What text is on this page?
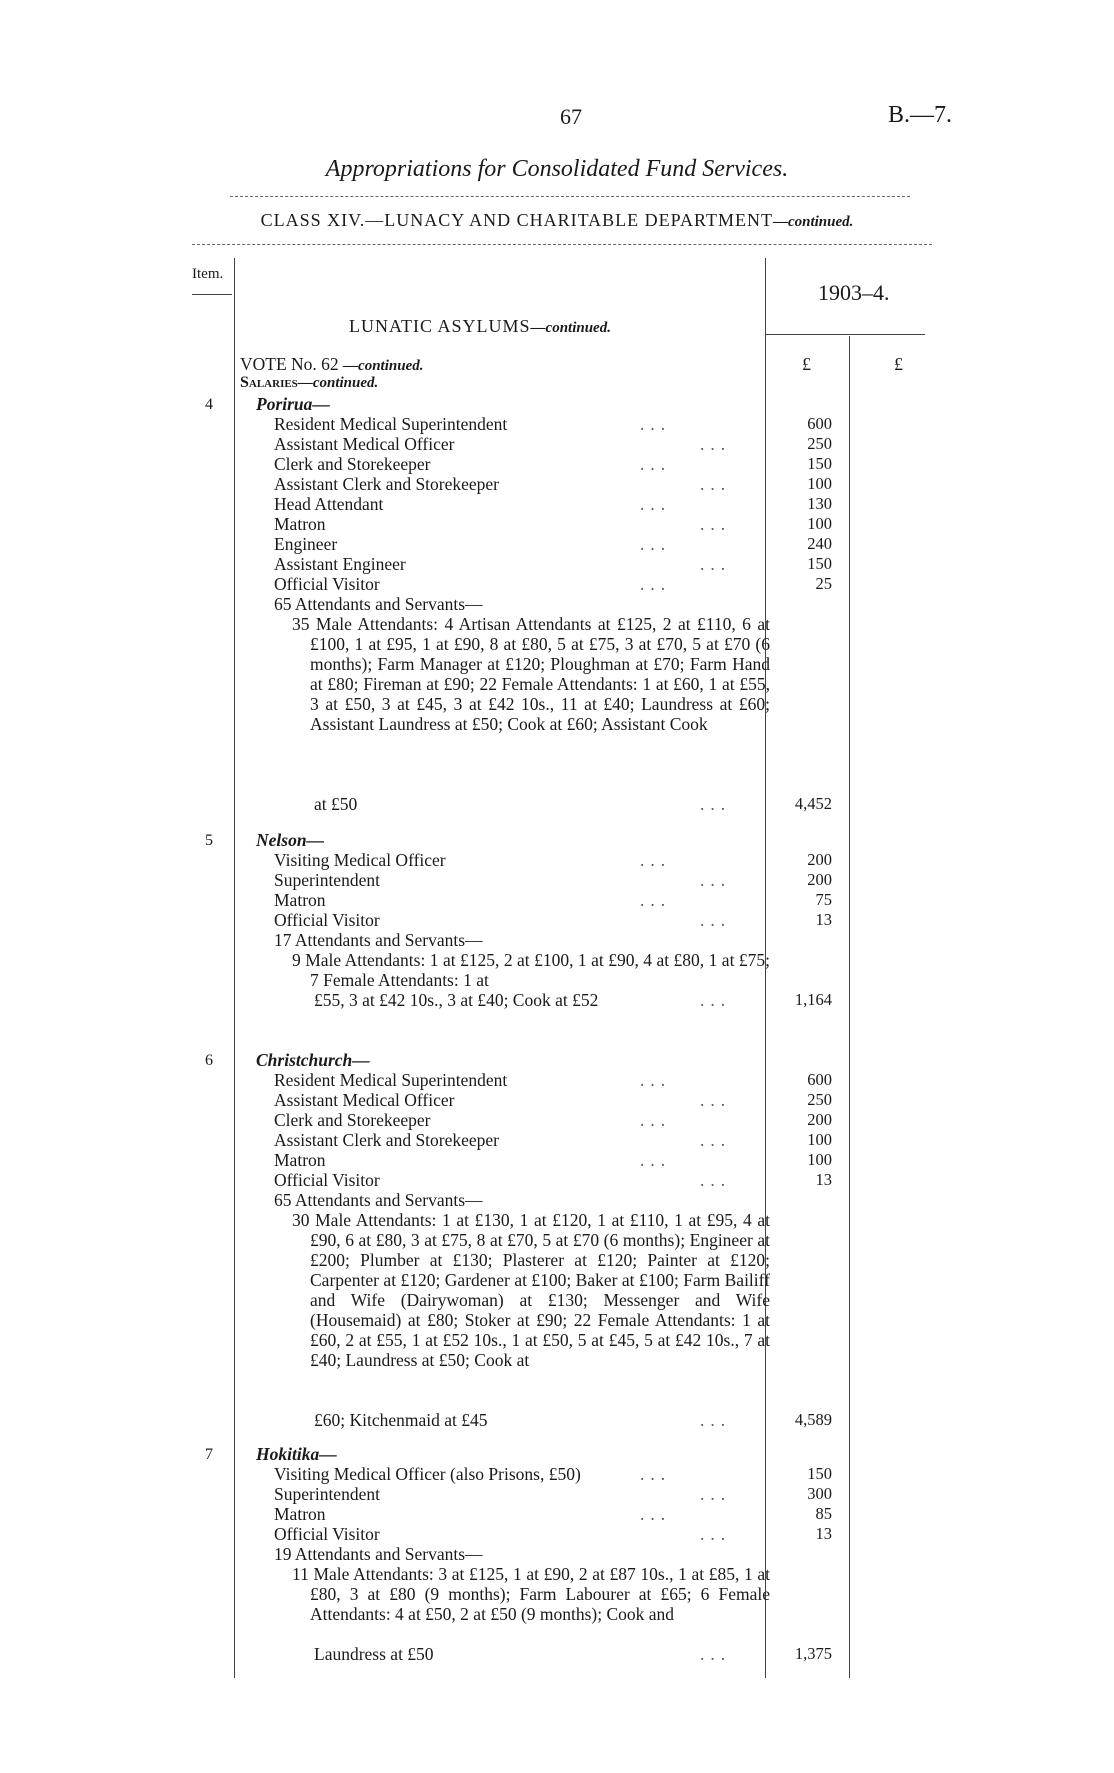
67	B.—7.
Appropriations for Consolidated Fund Services.
CLASS XIV.—LUNACY AND CHARITABLE DEPARTMENT—continued.
Item.
1903–4.
LUNATIC ASYLUMS—continued.
£	£
VOTE No. 62 —continued.
Salaries—continued.
4 Porirua—
Resident Medical Superintendent	...	600
Assistant Medical Officer	...	250
Clerk and Storekeeper	...	150
Assistant Clerk and Storekeeper	...	100
Head Attendant	...	130
Matron	...	100
Engineer	...	240
Assistant Engineer	...	150
Official Visitor	...	25
65 Attendants and Servants—
35 Male Attendants: 4 Artisan Attendants at £125, 2 at £110, 6 at £100, 1 at £95, 1 at £90, 8 at £80, 5 at £75, 3 at £70, 5 at £70 (6 months); Farm Manager at £120; Ploughman at £70; Farm Hand at £80; Fireman at £90; 22 Female Attendants: 1 at £60, 1 at £55, 3 at £50, 3 at £45, 3 at £42 10s., 11 at £40; Laundress at £60; Assistant Laundress at £50; Cook at £60; Assistant Cook
at £50	...	4,452
5 Nelson—
Visiting Medical Officer	...	200
Superintendent	...	200
Matron	...	75
Official Visitor	...	13
17 Attendants and Servants—
9 Male Attendants: 1 at £125, 2 at £100, 1 at £90, 4 at £80, 1 at £75; 7 Female Attendants: 1 at
£55, 3 at £42 10s., 3 at £40; Cook at £52	...	1,164
6 Christchurch—
Resident Medical Superintendent	...	600
Assistant Medical Officer	...	250
Clerk and Storekeeper	...	200
Assistant Clerk and Storekeeper	...	100
Matron	...	100
Official Visitor	...	13
65 Attendants and Servants—
30 Male Attendants: 1 at £130, 1 at £120, 1 at £110, 1 at £95, 4 at £90, 6 at £80, 3 at £75, 8 at £70, 5 at £70 (6 months); Engineer at £200; Plumber at £130; Plasterer at £120; Painter at £120; Carpenter at £120; Gardener at £100; Baker at £100; Farm Bailiff and Wife (Dairywoman) at £130; Messenger and Wife (Housemaid) at £80; Stoker at £90; 22 Female Attendants: 1 at £60, 2 at £55, 1 at £52 10s., 1 at £50, 5 at £45, 5 at £42 10s., 7 at £40; Laundress at £50; Cook at
£60; Kitchenmaid at £45	...	4,589
7 Hokitika—
Visiting Medical Officer (also Prisons, £50)	...	150
Superintendent	...	300
Matron	...	85
Official Visitor	...	13
19 Attendants and Servants—
11 Male Attendants: 3 at £125, 1 at £90, 2 at £87 10s., 1 at £85, 1 at £80, 3 at £80 (9 months); Farm Labourer at £65; 6 Female Attendants: 4 at £50, 2 at £50 (9 months); Cook and
Laundress at £50	...	1,375
